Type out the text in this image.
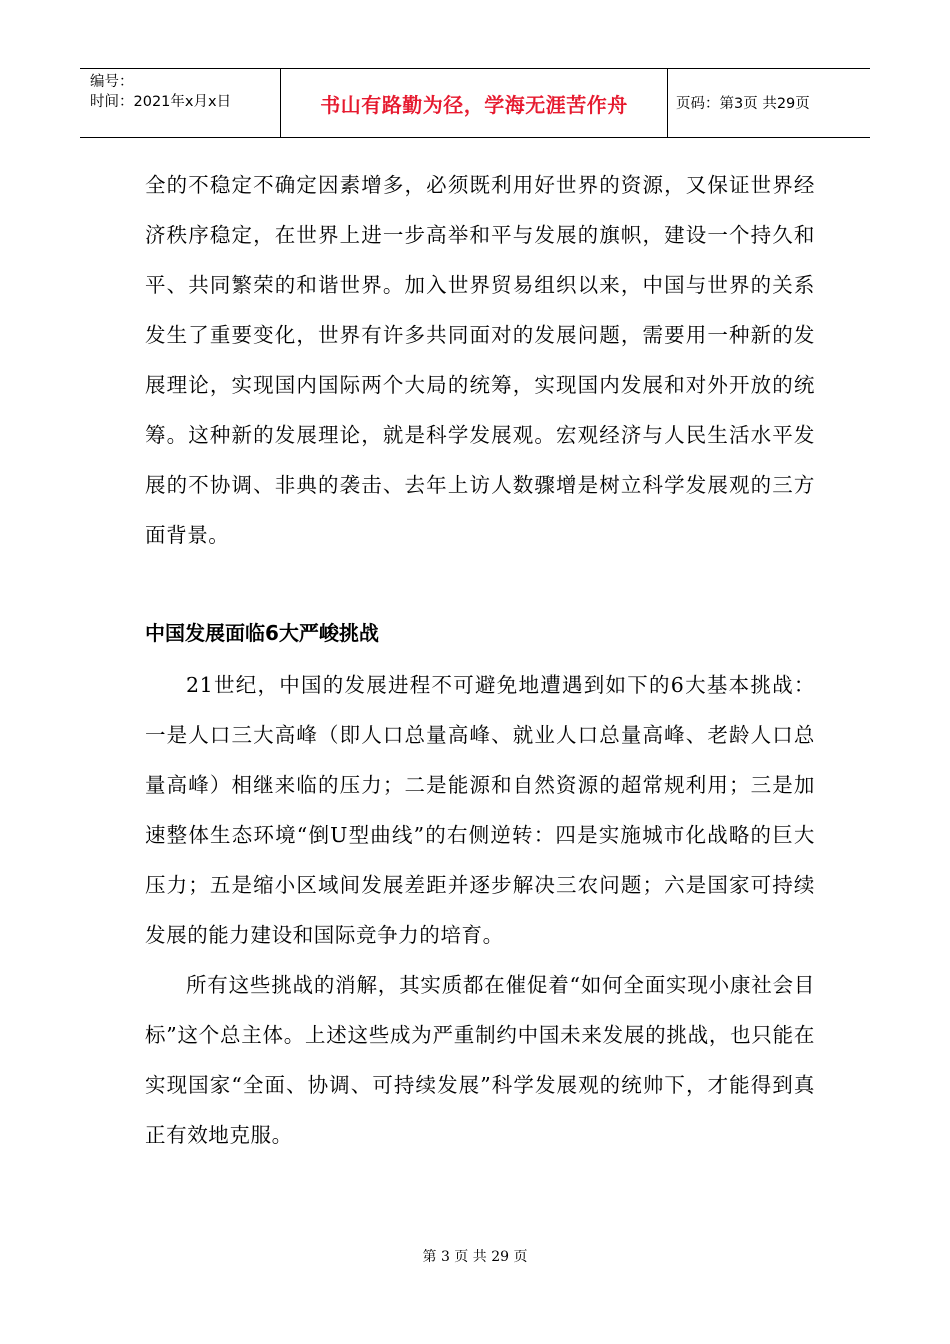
编号：
时间：2021年x月x日	书山有路勤为径，学海无涯苦作舟	页码：第3页 共29页

全的不稳定不确定因素增多，必须既利用好世界的资源，又保证世界经济秩序稳定，在世界上进一步高举和平与发展的旗帜，建设一个持久和平、共同繁荣的和谐世界。加入世界贸易组织以来，中国与世界的关系发生了重要变化，世界有许多共同面对的发展问题，需要用一种新的发展理论，实现国内国际两个大局的统筹，实现国内发展和对外开放的统筹。这种新的发展理论，就是科学发展观。宏观经济与人民生活水平发展的不协调、非典的袭击、去年上访人数骤增是树立科学发展观的三方面背景。

中国发展面临6大严峻挑战

21世纪，中国的发展进程不可避免地遭遇到如下的6大基本挑战：一是人口三大高峰（即人口总量高峰、就业人口总量高峰、老龄人口总量高峰）相继来临的压力；二是能源和自然资源的超常规利用；三是加速整体生态环境“倒U型曲线”的右侧逆转：四是实施城市化战略的巨大压力；五是缩小区域间发展差距并逐步解决三农问题；六是国家可持续发展的能力建设和国际竞争力的培育。

所有这些挑战的消解，其实质都在催促着“如何全面实现小康社会目标”这个总主体。上述这些成为严重制约中国未来发展的挑战，也只能在实现国家“全面、协调、可持续发展”科学发展观的统帅下，才能得到真正有效地克服。

第 3 页 共 29 页
